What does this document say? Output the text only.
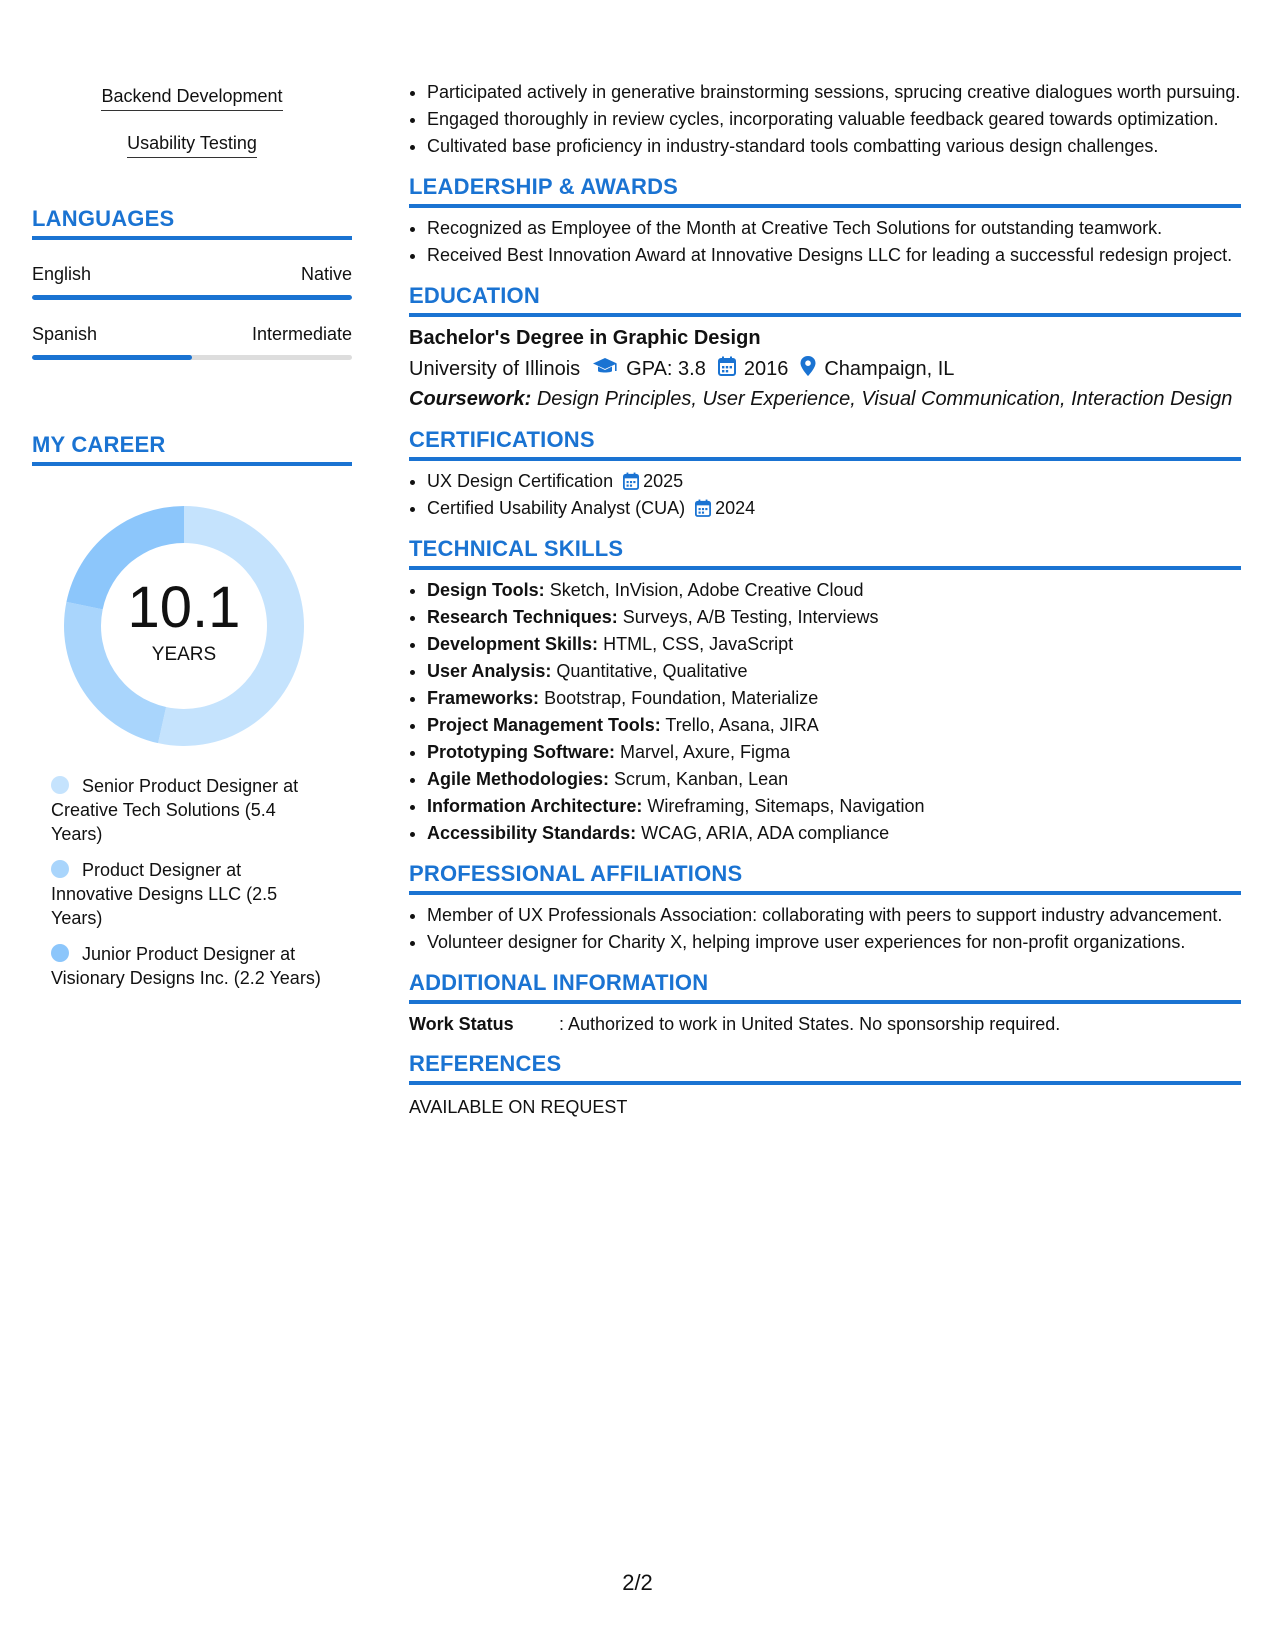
Backend Development
Usability Testing
LANGUAGES
English	Native
Spanish	Intermediate
MY CAREER
10.1
YEARS
Senior Product Designer at Creative Tech Solutions (5.4 Years)
Product Designer at Innovative Designs LLC (2.5 Years)
Junior Product Designer at Visionary Designs Inc. (2.2 Years)
• Participated actively in generative brainstorming sessions, sprucing creative dialogues worth pursuing.
• Engaged thoroughly in review cycles, incorporating valuable feedback geared towards optimization.
• Cultivated base proficiency in industry-standard tools combatting various design challenges.
LEADERSHIP & AWARDS
• Recognized as Employee of the Month at Creative Tech Solutions for outstanding teamwork.
• Received Best Innovation Award at Innovative Designs LLC for leading a successful redesign project.
EDUCATION
Bachelor's Degree in Graphic Design
University of Illinois GPA: 3.8 2016 Champaign, IL
Coursework: Design Principles, User Experience, Visual Communication, Interaction Design
CERTIFICATIONS
• UX Design Certification 2025
• Certified Usability Analyst (CUA) 2024
TECHNICAL SKILLS
• Design Tools: Sketch, InVision, Adobe Creative Cloud
• Research Techniques: Surveys, A/B Testing, Interviews
• Development Skills: HTML, CSS, JavaScript
• User Analysis: Quantitative, Qualitative
• Frameworks: Bootstrap, Foundation, Materialize
• Project Management Tools: Trello, Asana, JIRA
• Prototyping Software: Marvel, Axure, Figma
• Agile Methodologies: Scrum, Kanban, Lean
• Information Architecture: Wireframing, Sitemaps, Navigation
• Accessibility Standards: WCAG, ARIA, ADA compliance
PROFESSIONAL AFFILIATIONS
• Member of UX Professionals Association: collaborating with peers to support industry advancement.
• Volunteer designer for Charity X, helping improve user experiences for non-profit organizations.
ADDITIONAL INFORMATION
Work Status	: Authorized to work in United States. No sponsorship required.
REFERENCES
AVAILABLE ON REQUEST
2/2
